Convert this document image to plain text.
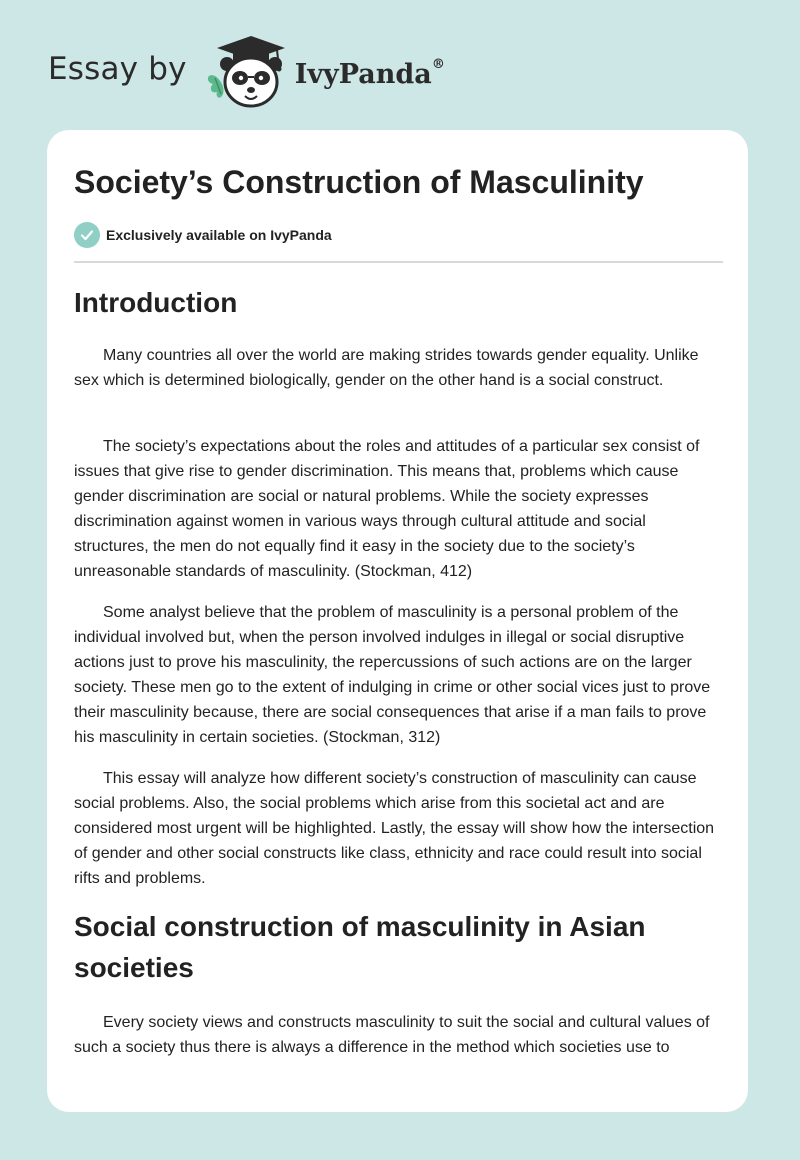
Essay by	IvyPanda®
Society’s Construction of Masculinity
Exclusively available on IvyPanda
Introduction

Many countries all over the world are making strides towards gender equality. Unlike sex which is determined biologically, gender on the other hand is a social construct.

The society’s expectations about the roles and attitudes of a particular sex consist of issues that give rise to gender discrimination. This means that, problems which cause gender discrimination are social or natural problems. While the society expresses discrimination against women in various ways through cultural attitude and social structures, the men do not equally find it easy in the society due to the society’s unreasonable standards of masculinity. (Stockman, 412)

Some analyst believe that the problem of masculinity is a personal problem of the individual involved but, when the person involved indulges in illegal or social disruptive actions just to prove his masculinity, the repercussions of such actions are on the larger society. These men go to the extent of indulging in crime or other social vices just to prove their masculinity because, there are social consequences that arise if a man fails to prove his masculinity in certain societies. (Stockman, 312)

This essay will analyze how different society’s construction of masculinity can cause social problems. Also, the social problems which arise from this societal act and are considered most urgent will be highlighted. Lastly, the essay will show how the intersection of gender and other social constructs like class, ethnicity and race could result into social rifts and problems.

Social construction of masculinity in Asian societies

Every society views and constructs masculinity to suit the social and cultural values of such a society thus there is always a difference in the method which societies use to
